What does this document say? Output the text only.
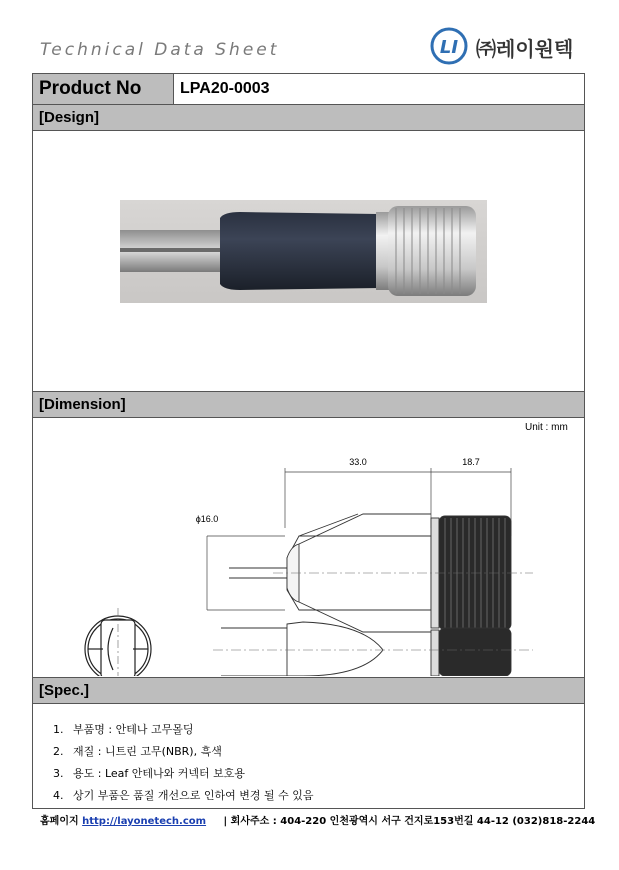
Technical Data Sheet	LI ㈜레이원텍
Product No	LPA20-0003
[Design]
[Dimension]
Unit : mm
33.0	18.7
ϕ16.0
[Spec.]
1. 부품명 : 안테나 고무몰딩
2. 재질 : 니트린 고무(NBR), 흑색
3. 용도 : Leaf 안테나와 커넥터 보호용
4. 상기 부품은 품질 개선으로 인하여 변경 될 수 있음
홈페이지 http://layonetech.com | 회사주소 : 404-220 인천광역시 서구 건지로153번길 44-12 (032)818-2244
